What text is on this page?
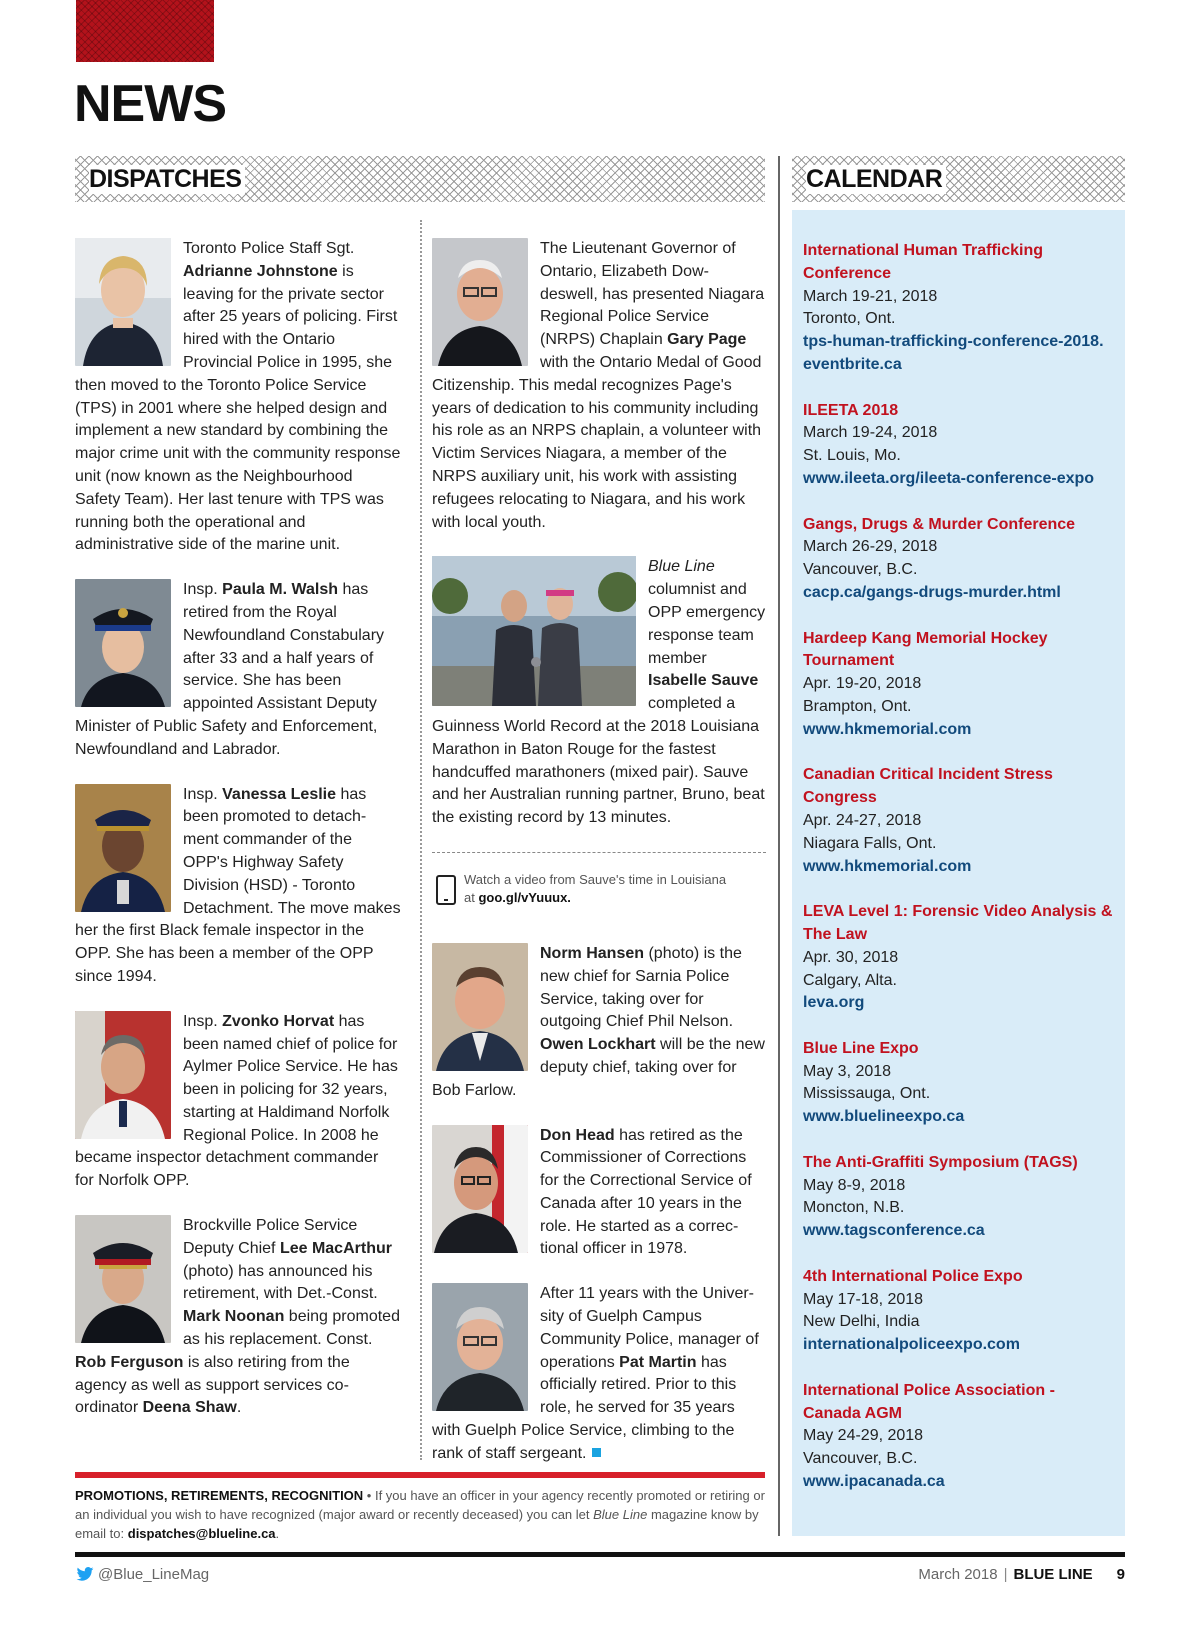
NEWS
DISPATCHES	CALENDAR

Toronto Police Staff Sgt. Adrianne Johnstone is leaving for the private sector after 25 years of policing. First hired with the Ontario Provincial Police in 1995, she then moved to the Toronto Police Service (TPS) in 2001 where she helped design and implement a new standard by combining the major crime unit with the community response unit (now known as the Neighbourhood Safety Team). Her last tenure with TPS was running both the operational and administrative side of the marine unit.

Insp. Paula M. Walsh has retired from the Royal Newfoundland Constabulary after 33 and a half years of service. She has been appointed Assistant Deputy Minister of Public Safety and Enforcement, Newfoundland and Labrador.

Insp. Vanessa Leslie has been promoted to detach-ment commander of the OPP's Highway Safety Division (HSD) - Toronto Detachment. The move makes her the first Black female inspector in the OPP. She has been a member of the OPP since 1994.

Insp. Zvonko Horvat has been named chief of police for Aylmer Police Service. He has been in policing for 32 years, starting at Haldimand Norfolk Regional Police. In 2008 he became inspector detachment commander for Norfolk OPP.

Brockville Police Service Deputy Chief Lee MacArthur (photo) has announced his retirement, with Det.-Const. Mark Noonan being promoted as his replacement. Const. Rob Ferguson is also retiring from the agency as well as support services co-ordinator Deena Shaw.

The Lieutenant Governor of Ontario, Elizabeth Dow-deswell, has presented Niagara Regional Police Service (NRPS) Chaplain Gary Page with the Ontario Medal of Good Citizenship. This medal recognizes Page's years of dedication to his community including his role as an NRPS chaplain, a volunteer with Victim Services Niagara, a member of the NRPS auxiliary unit, his work with assisting refugees relocating to Niagara, and his work with local youth.

Blue Line columnist and OPP emergency response team member Isabelle Sauve completed a Guinness World Record at the 2018 Louisiana Marathon in Baton Rouge for the fastest handcuffed marathoners (mixed pair). Sauve and her Australian running partner, Bruno, beat the existing record by 13 minutes.

Watch a video from Sauve's time in Louisiana
at goo.gl/vYuuux.

Norm Hansen (photo) is the new chief for Sarnia Police Service, taking over for outgoing Chief Phil Nelson. Owen Lockhart will be the new deputy chief, taking over for Bob Farlow.

Don Head has retired as the Commissioner of Corrections for the Correctional Service of Canada after 10 years in the role. He started as a correc-tional officer in 1978.

After 11 years with the Univer-sity of Guelph Campus Community Police, manager of operations Pat Martin has officially retired. Prior to this role, he served for 35 years with Guelph Police Service, climbing to the rank of staff sergeant.

International Human Trafficking Conference
March 19-21, 2018
Toronto, Ont.
tps-human-trafficking-conference-2018. eventbrite.ca
ILEETA 2018
March 19-24, 2018
St. Louis, Mo.
www.ileeta.org/ileeta-conference-expo
Gangs, Drugs & Murder Conference
March 26-29, 2018
Vancouver, B.C.
cacp.ca/gangs-drugs-murder.html
Hardeep Kang Memorial Hockey Tournament
Apr. 19-20, 2018
Brampton, Ont.
www.hkmemorial.com
Canadian Critical Incident Stress Congress
Apr. 24-27, 2018
Niagara Falls, Ont.
www.hkmemorial.com
LEVA Level 1: Forensic Video Analysis & The Law
Apr. 30, 2018
Calgary, Alta.
leva.org
Blue Line Expo
May 3, 2018
Mississauga, Ont.
www.bluelineexpo.ca
The Anti-Graffiti Symposium (TAGS)
May 8-9, 2018
Moncton, N.B.
www.tagsconference.ca
4th International Police Expo
May 17-18, 2018
New Delhi, India
internationalpoliceexpo.com
International Police Association - Canada AGM
May 24-29, 2018
Vancouver, B.C.
www.ipacanada.ca
PROMOTIONS, RETIREMENTS, RECOGNITION • If you have an officer in your agency recently promoted or retiring or an individual you wish to have recognized (major award or recently deceased) you can let Blue Line magazine know by email to: dispatches@blueline.ca.
@Blue_LineMag	March 2018 | BLUE LINE 9
